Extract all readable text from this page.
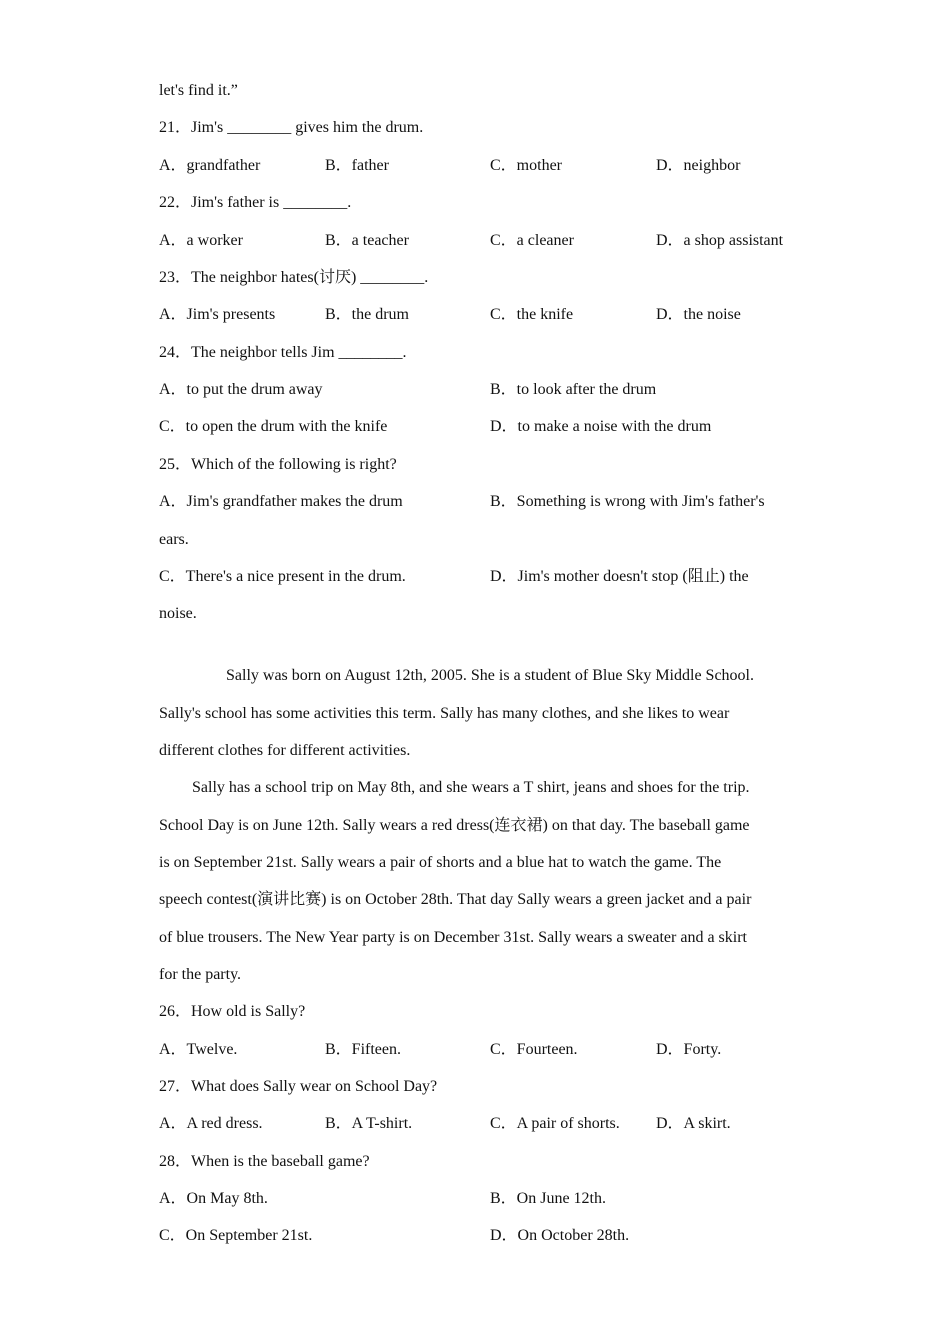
let's find it.”
21．Jim's ________ gives him the drum.
A．grandfather	B．father	C．mother	D．neighbor
22．Jim's father is ________.
A．a worker	B．a teacher	C．a cleaner	D．a shop assistant
23．The neighbor hates(讨厌) ________.
A．Jim's presents	B．the drum	C．the knife	D．the noise
24．The neighbor tells Jim ________.
A．to put the drum away	B．to look after the drum
C．to open the drum with the knife	D．to make a noise with the drum
25．Which of the following is right?
A．Jim's grandfather makes the drum	B．Something is wrong with Jim's father's
ears.
C．There's a nice present in the drum.	D．Jim's mother doesn't stop (阻止) the
noise.
Sally was born on August 12th, 2005. She is a student of Blue Sky Middle School.
Sally's school has some activities this term. Sally has many clothes, and she likes to wear
different clothes for different activities.
Sally has a school trip on May 8th, and she wears a T shirt, jeans and shoes for the trip.
School Day is on June 12th. Sally wears a red dress(连衣裙) on that day. The baseball game
is on September 21st. Sally wears a pair of shorts and a blue hat to watch the game. The
speech contest(演讲比赛) is on October 28th. That day Sally wears a green jacket and a pair
of blue trousers. The New Year party is on December 31st. Sally wears a sweater and a skirt
for the party.
26．How old is Sally?
A．Twelve.	B．Fifteen.	C．Fourteen.	D．Forty.
27．What does Sally wear on School Day?
A．A red dress.	B．A T-shirt.	C．A pair of shorts. D．A skirt.
28．When is the baseball game?
A．On May 8th.	B．On June 12th.
C．On September 21st.	D．On October 28th.
